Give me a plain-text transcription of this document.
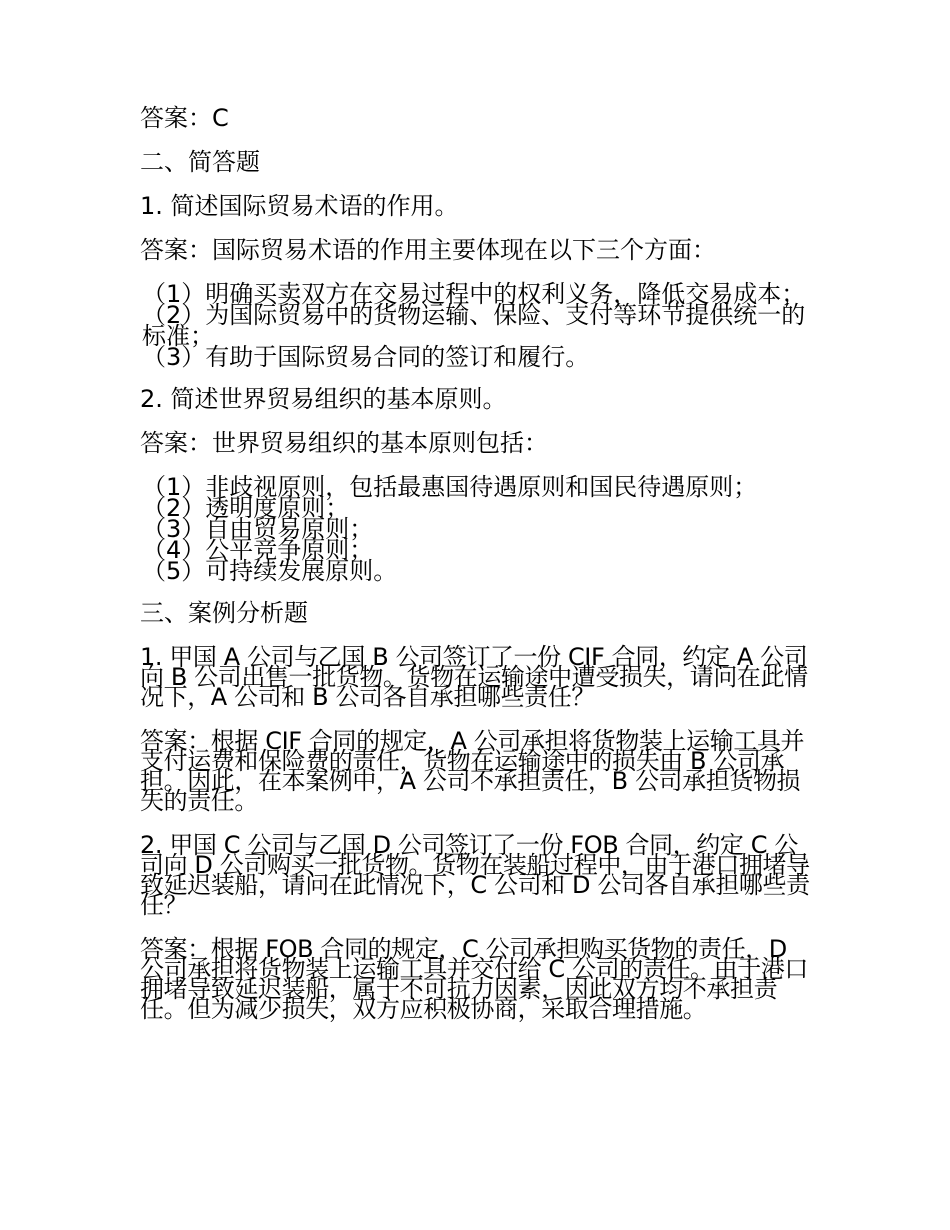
答案：C

二、简答题

1. 简述国际贸易术语的作用。

答案：国际贸易术语的作用主要体现在以下三个方面：

（1）明确买卖双方在交易过程中的权利义务，降低交易成本；

（2）为国际贸易中的货物运输、保险、支付等环节提供统一的标准；

（3）有助于国际贸易合同的签订和履行。

2. 简述世界贸易组织的基本原则。

答案：世界贸易组织的基本原则包括：

（1）非歧视原则，包括最惠国待遇原则和国民待遇原则；

（2）透明度原则；

（3）自由贸易原则；

（4）公平竞争原则；

（5）可持续发展原则。

三、案例分析题

1. 甲国 A 公司与乙国 B 公司签订了一份 CIF 合同，约定 A 公司向 B 公司出售一批货物。货物在运输途中遭受损失，请问在此情况下，A 公司和 B 公司各自承担哪些责任？

答案：根据 CIF 合同的规定，A 公司承担将货物装上运输工具并支付运费和保险费的责任，货物在运输途中的损失由 B 公司承担。因此，在本案例中，A 公司不承担责任，B 公司承担货物损失的责任。

2. 甲国 C 公司与乙国 D 公司签订了一份 FOB 合同，约定 C 公司向 D 公司购买一批货物。货物在装船过程中，由于港口拥堵导致延迟装船，请问在此情况下，C 公司和 D 公司各自承担哪些责任？

答案：根据 FOB 合同的规定，C 公司承担购买货物的责任，D 公司承担将货物装上运输工具并交付给 C 公司的责任。由于港口拥堵导致延迟装船，属于不可抗力因素，因此双方均不承担责任。但为减少损失，双方应积极协商，采取合理措施。
